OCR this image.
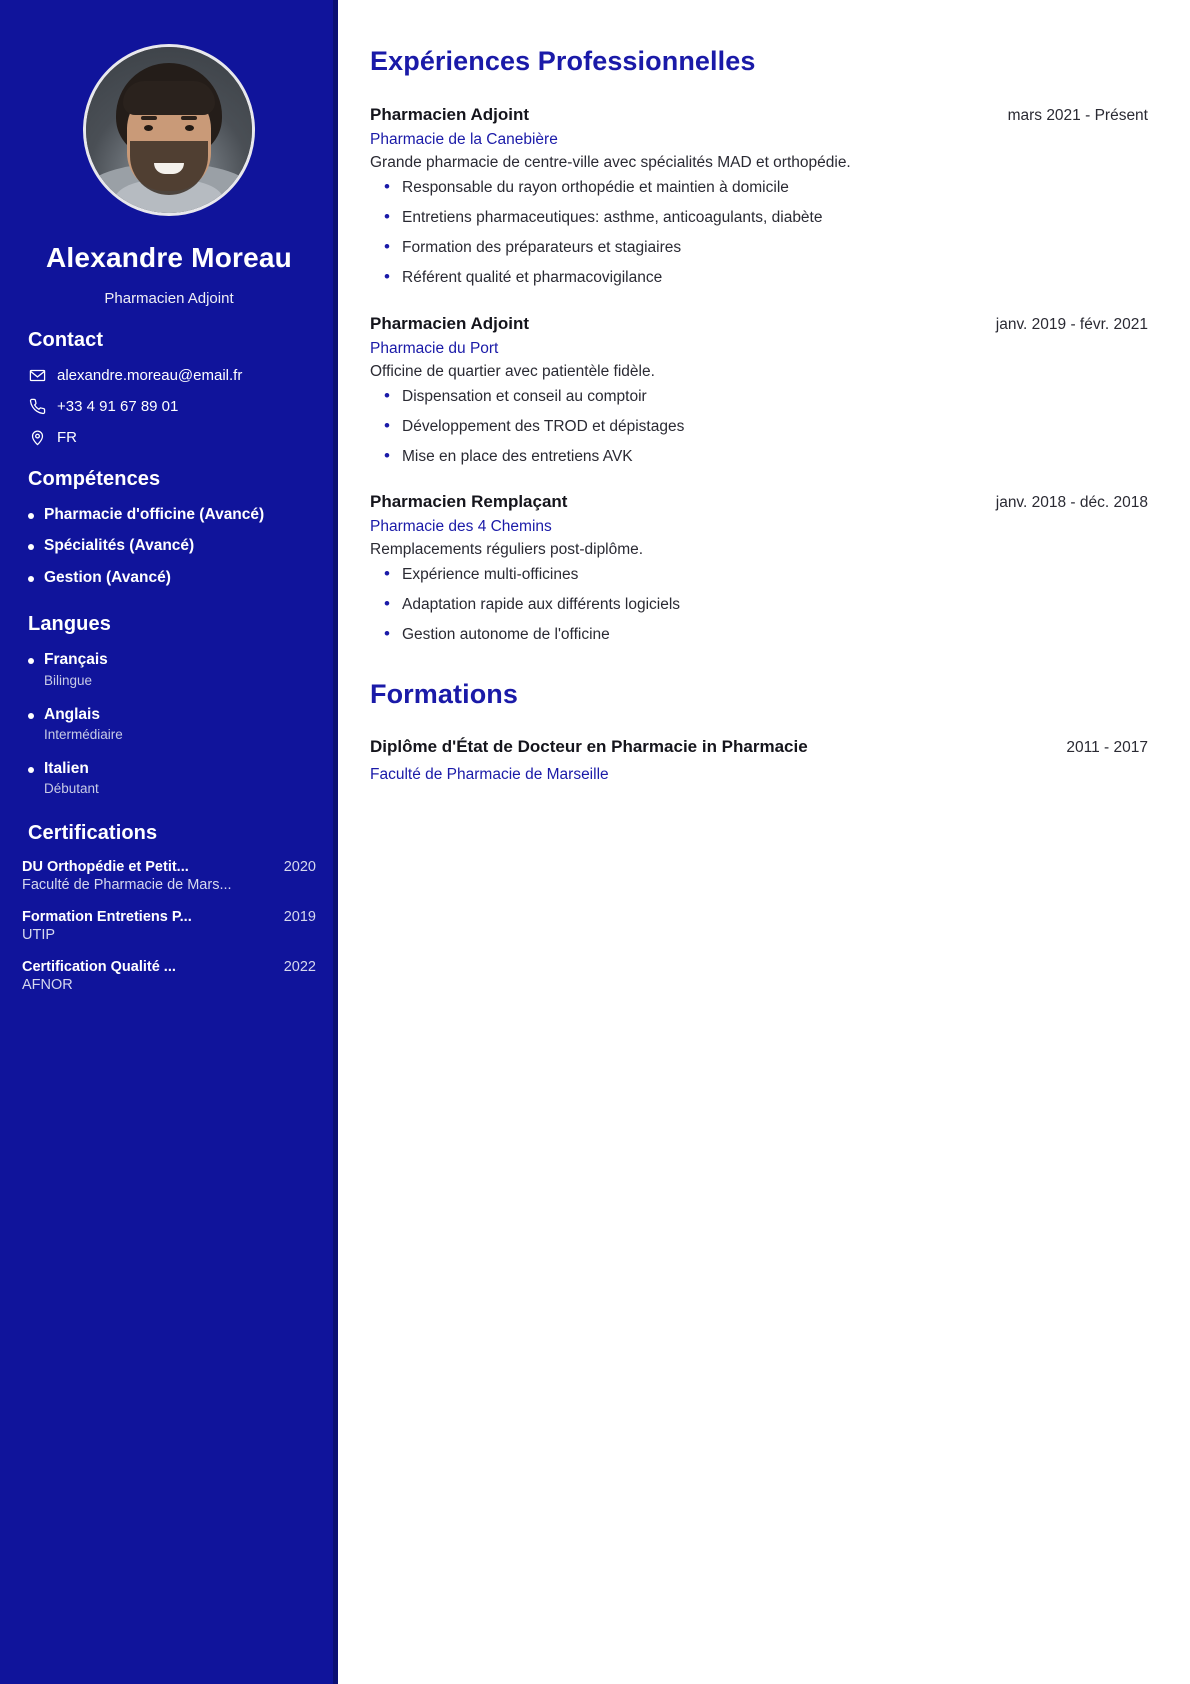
Alexandre Moreau
Pharmacien Adjoint
Contact
alexandre.moreau@email.fr
+33 4 91 67 89 01
FR
Compétences
Pharmacie d'officine (Avancé)
Spécialités (Avancé)
Gestion (Avancé)
Langues
Français
Bilingue
Anglais
Intermédiaire
Italien
Débutant
Certifications
DU Orthopédie et Petit...	2020
Faculté de Pharmacie de Mars...
Formation Entretiens P...	2019
UTIP
Certification Qualité ...	2022
AFNOR
Expériences Professionnelles
Pharmacien Adjoint	mars 2021 - Présent
Pharmacie de la Canebière
Grande pharmacie de centre-ville avec spécialités MAD et orthopédie.
• Responsable du rayon orthopédie et maintien à domicile
• Entretiens pharmaceutiques: asthme, anticoagulants, diabète
• Formation des préparateurs et stagiaires
• Référent qualité et pharmacovigilance
Pharmacien Adjoint	janv. 2019 - févr. 2021
Pharmacie du Port
Officine de quartier avec patientèle fidèle.
• Dispensation et conseil au comptoir
• Développement des TROD et dépistages
• Mise en place des entretiens AVK
Pharmacien Remplaçant	janv. 2018 - déc. 2018
Pharmacie des 4 Chemins
Remplacements réguliers post-diplôme.
• Expérience multi-officines
• Adaptation rapide aux différents logiciels
• Gestion autonome de l'officine
Formations
Diplôme d'État de Docteur en Pharmacie in Pharmacie	2011 - 2017
Faculté de Pharmacie de Marseille
